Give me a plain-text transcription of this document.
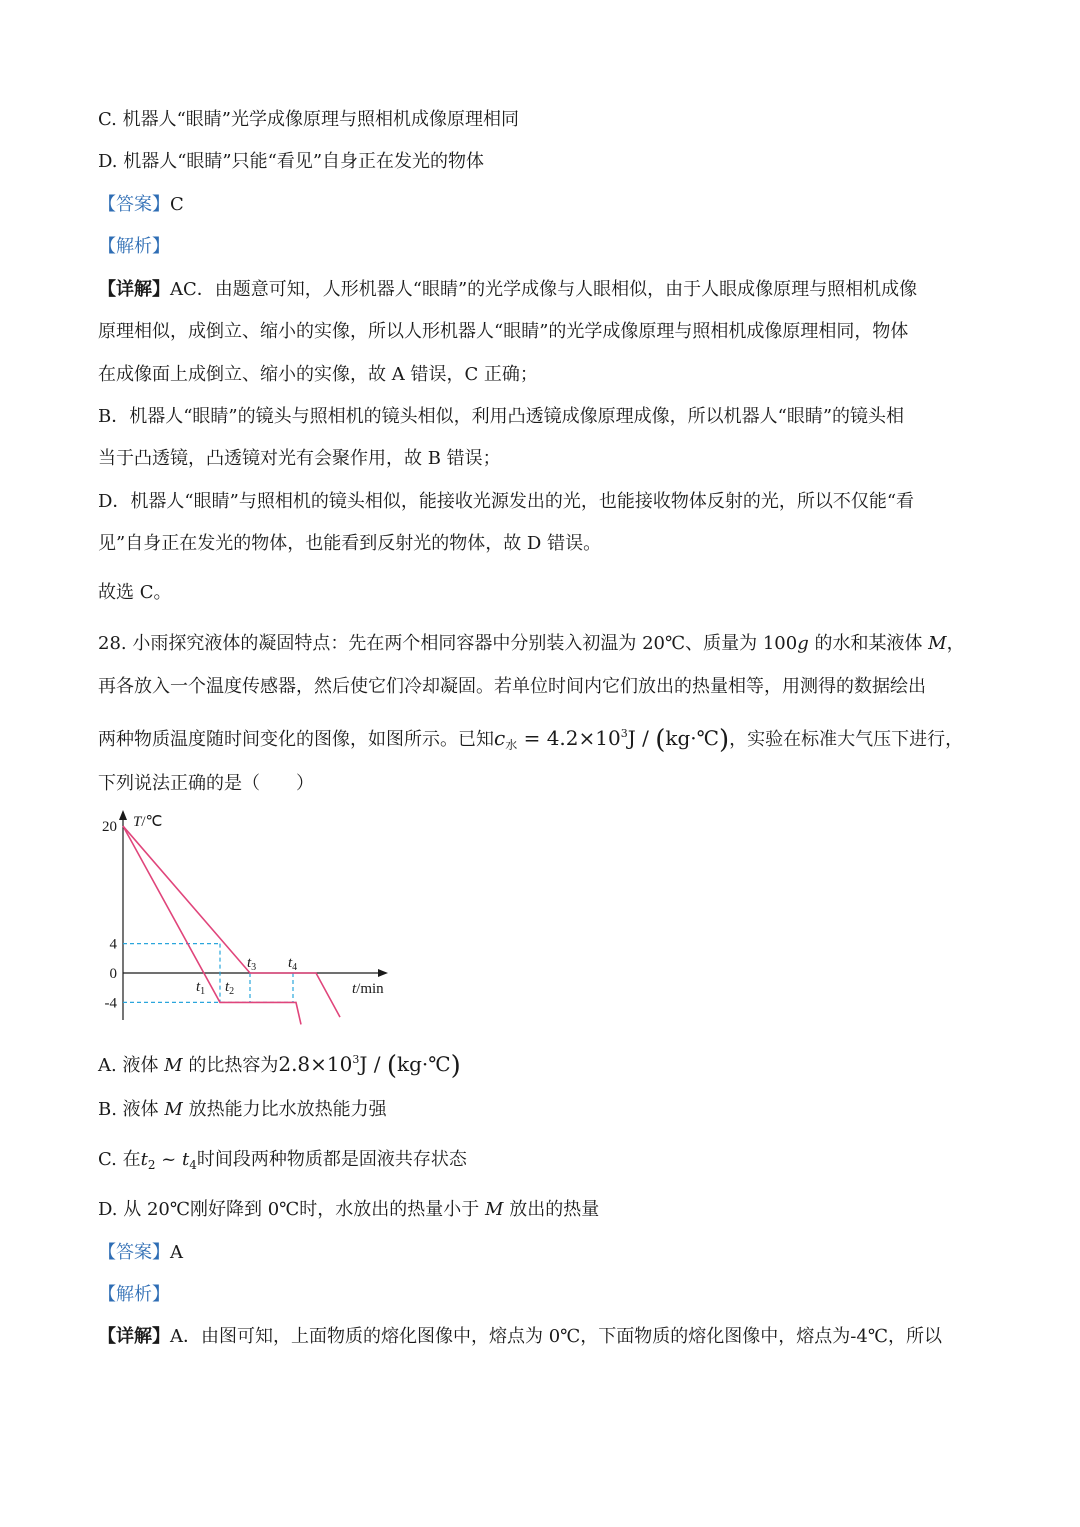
C. 机器人“眼睛”光学成像原理与照相机成像原理相同
D. 机器人“眼睛”只能“看见”自身正在发光的物体
【答案】C
【解析】
【详解】AC．由题意可知，人形机器人“眼睛”的光学成像与人眼相似，由于人眼成像原理与照相机成像
原理相似，成倒立、缩小的实像，所以人形机器人“眼睛”的光学成像原理与照相机成像原理相同，物体
在成像面上成倒立、缩小的实像，故 A 错误，C 正确；
B．机器人“眼睛”的镜头与照相机的镜头相似，利用凸透镜成像原理成像，所以机器人“眼睛”的镜头相
当于凸透镜，凸透镜对光有会聚作用，故 B 错误；
D．机器人“眼睛”与照相机的镜头相似，能接收光源发出的光，也能接收物体反射的光，所以不仅能“看
见”自身正在发光的物体，也能看到反射光的物体，故 D 错误。
故选 C。
28. 小雨探究液体的凝固特点：先在两个相同容器中分别装入初温为 20℃、质量为 100g 的水和某液体 M，
再各放入一个温度传感器，然后使它们冷却凝固。若单位时间内它们放出的热量相等，用测得的数据绘出
两种物质温度随时间变化的图像，如图所示。已知$c_水 = 4.2\times 10^3J$ / (kg·℃)，实验在标准大气压下进行，
下列说法正确的是（　　）
20
4
0
-4
T/℃
t/min
$t_1$ $t_2$
$t_3$ $t_4$
A. 液体 M 的比热容为$2.8\times 10^3J$ / (kg·℃)
B. 液体 M 放热能力比水放热能力强
C. 在$t_2$ ~ $t_4$时间段两种物质都是固液共存状态
D. 从 20℃刚好降到 0℃时，水放出的热量小于 M 放出的热量
【答案】A
【解析】
【详解】A．由图可知，上面物质的熔化图像中，熔点为 0℃，下面物质的熔化图像中，熔点为-4℃，所以
